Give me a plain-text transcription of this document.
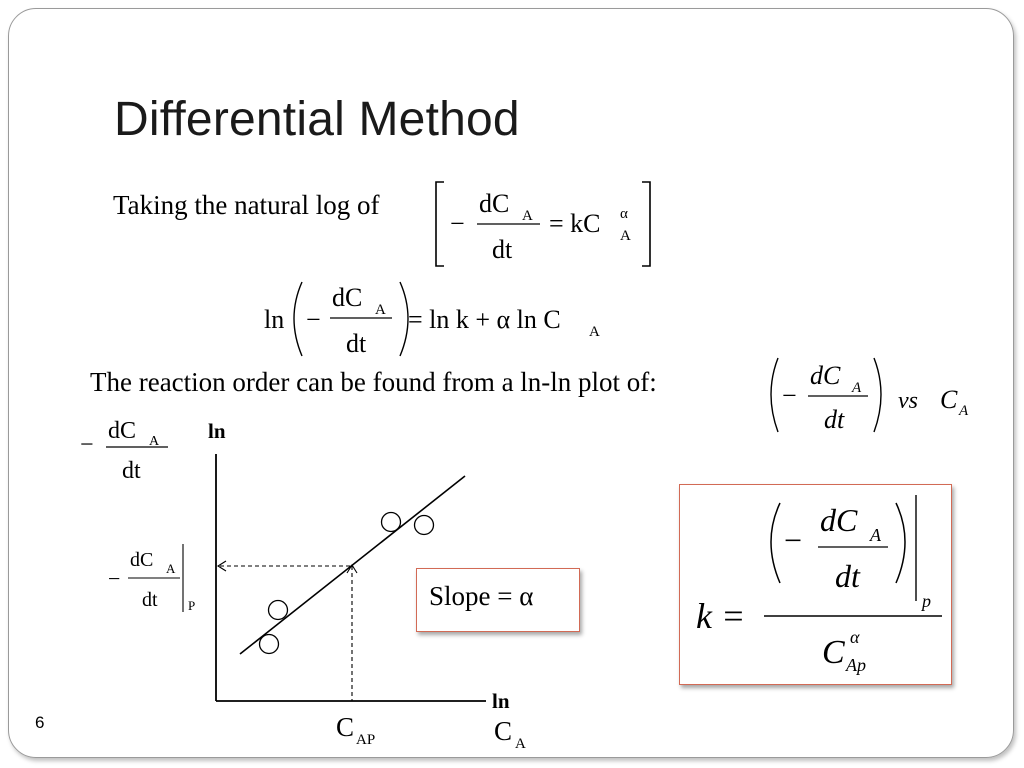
Differential Method
Taking the natural log of
−
dC A
dt
= kC α
A
ln −
dC A
dt
= ln k + α ln C A
The reaction order can be found from a ln-ln plot of:	−
dC A
dt
vs C A
−
dC A
dt
ln
ln
−
dC A
dt P
C AP	C A
Slope = α	k =
−
dC A
dt
p
C α
Ap
6
